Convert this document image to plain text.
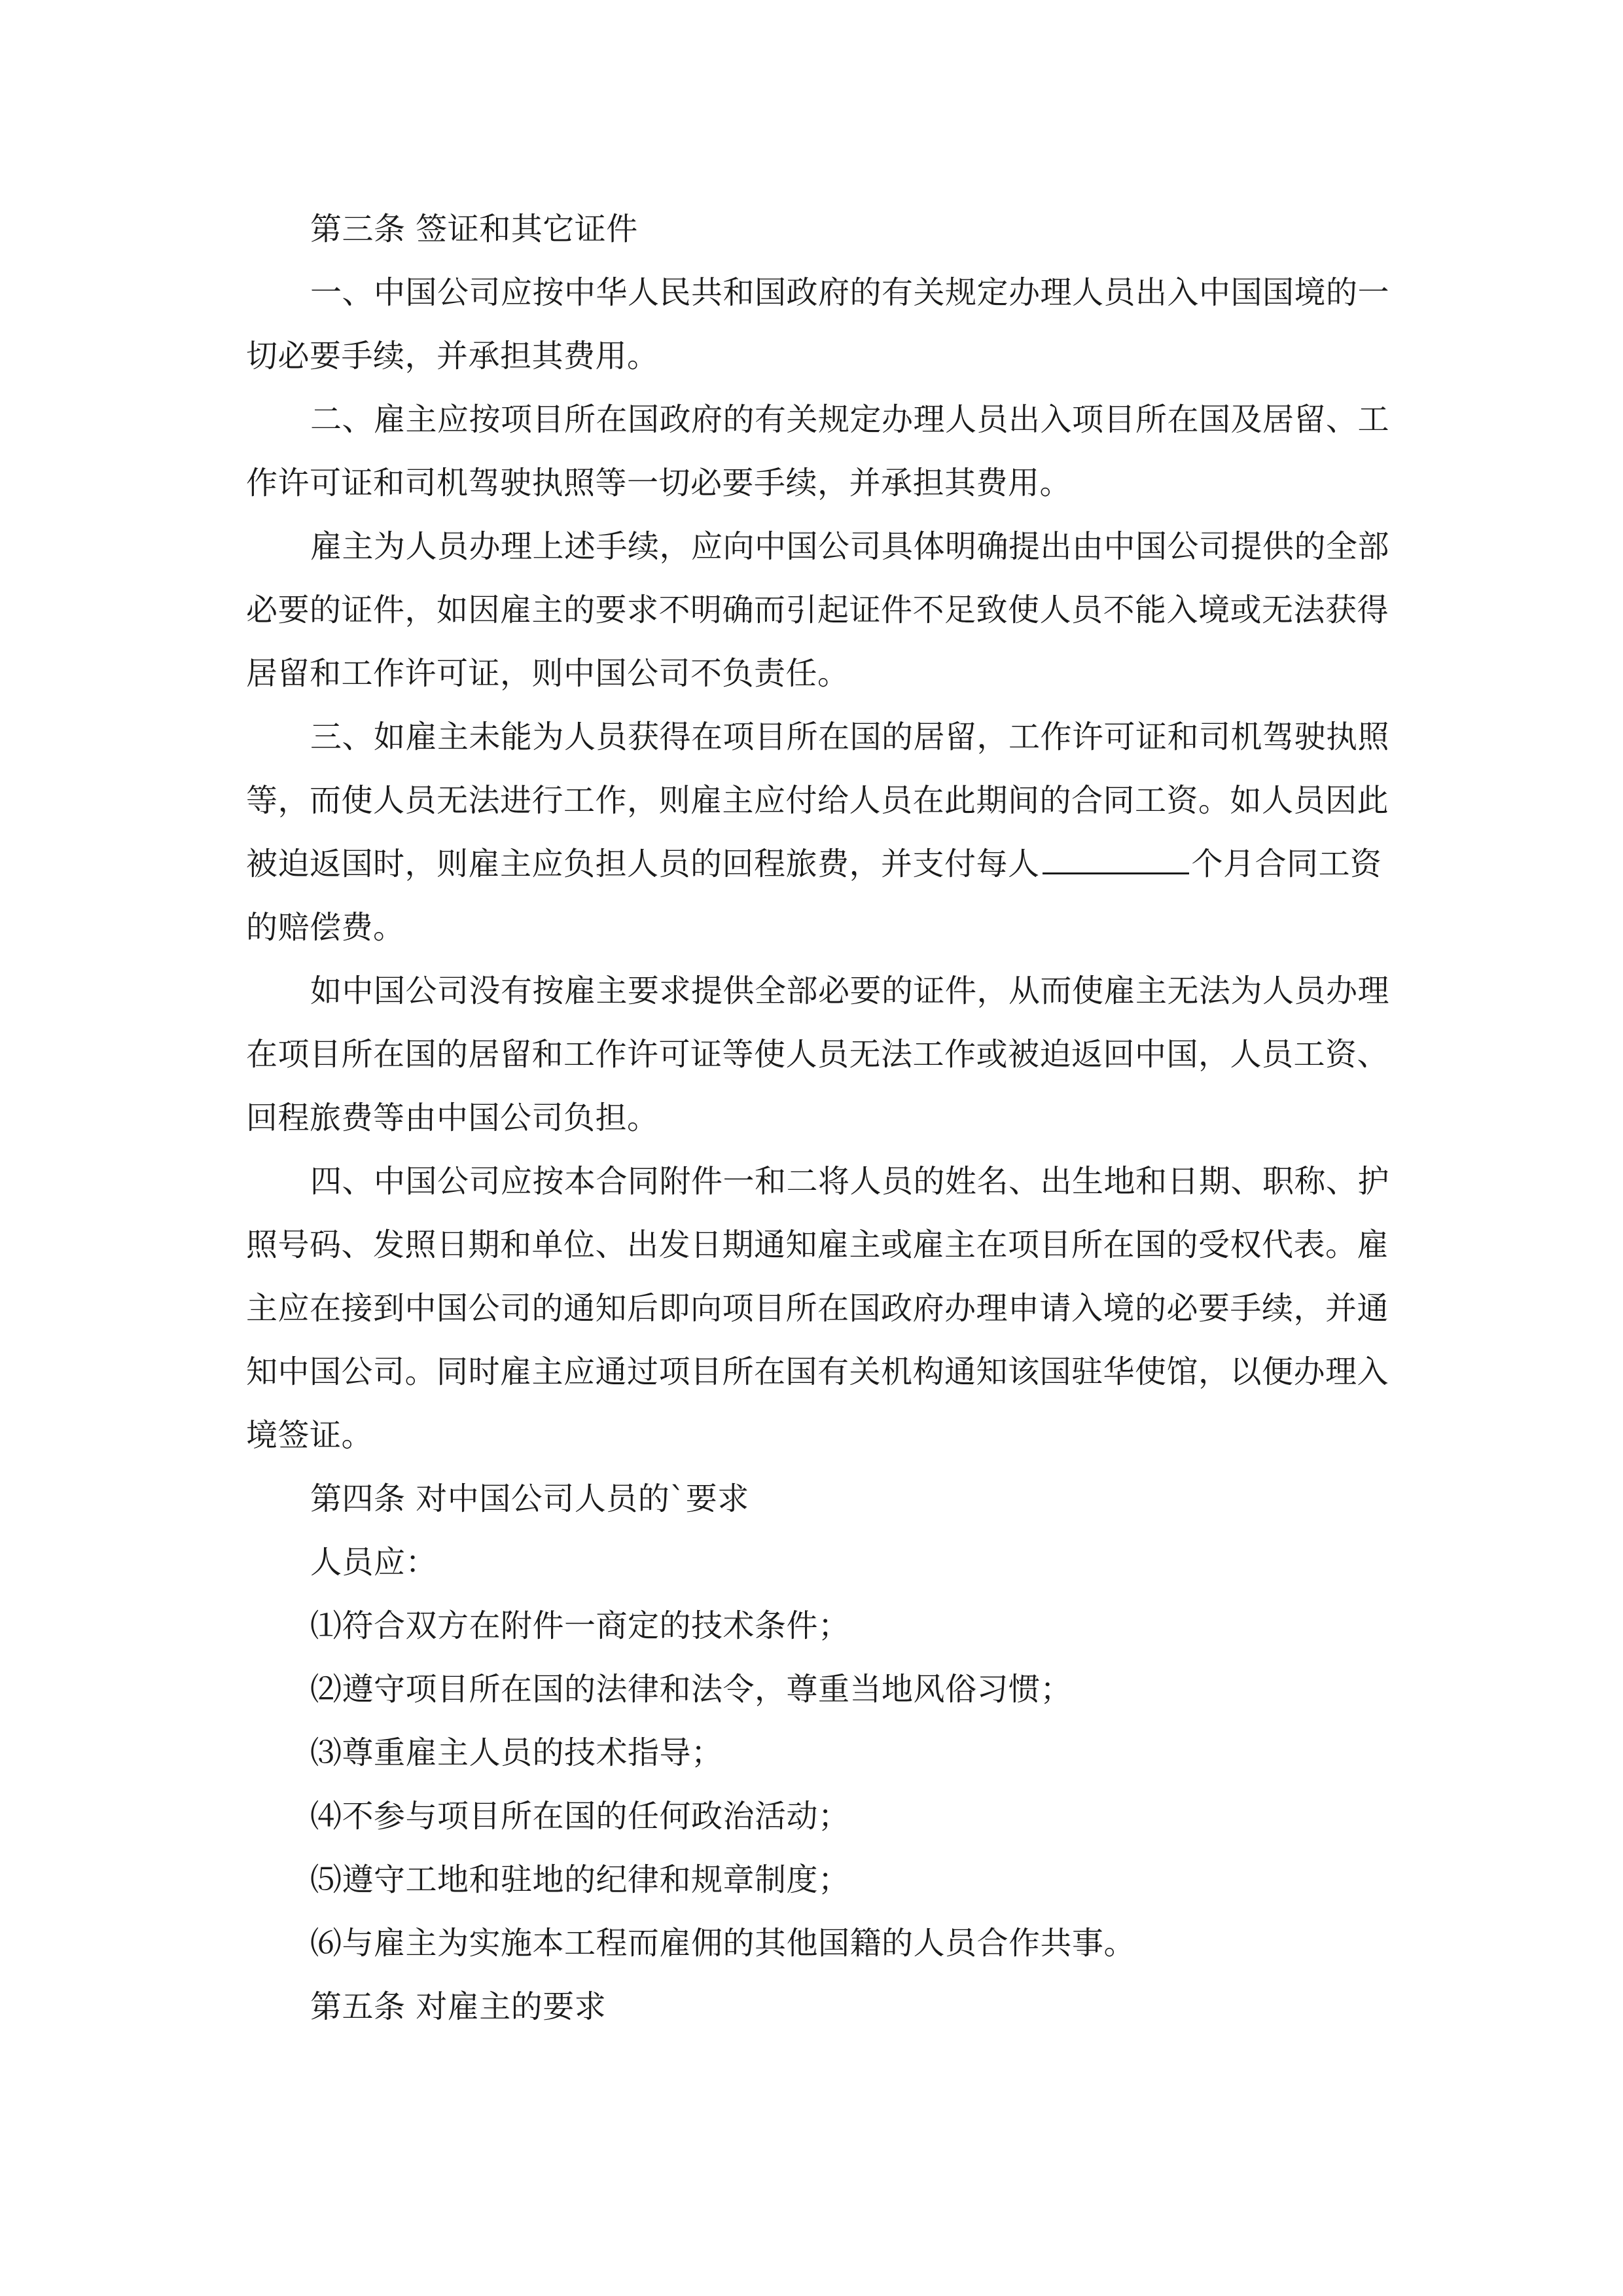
第三条 签证和其它证件

一、中国公司应按中华人民共和国政府的有关规定办理人员出入中国国境的一切必要手续，并承担其费用。

二、雇主应按项目所在国政府的有关规定办理人员出入项目所在国及居留、工作许可证和司机驾驶执照等一切必要手续，并承担其费用。

雇主为人员办理上述手续，应向中国公司具体明确提出由中国公司提供的全部必要的证件，如因雇主的要求不明确而引起证件不足致使人员不能入境或无法获得居留和工作许可证，则中国公司不负责任。

三、如雇主未能为人员获得在项目所在国的居留，工作许可证和司机驾驶执照等，而使人员无法进行工作，则雇主应付给人员在此期间的合同工资。如人员因此被迫返国时，则雇主应负担人员的回程旅费，并支付每人	个月合同工资的赔偿费。

如中国公司没有按雇主要求提供全部必要的证件，从而使雇主无法为人员办理在项目所在国的居留和工作许可证等使人员无法工作或被迫返回中国，人员工资、回程旅费等由中国公司负担。

四、中国公司应按本合同附件一和二将人员的姓名、出生地和日期、职称、护照号码、发照日期和单位、出发日期通知雇主或雇主在项目所在国的受权代表。雇主应在接到中国公司的通知后即向项目所在国政府办理申请入境的必要手续，并通知中国公司。同时雇主应通过项目所在国有关机构通知该国驻华使馆，以便办理入境签证。

第四条 对中国公司人员的`要求

人员应：

⑴符合双方在附件一商定的技术条件；

⑵遵守项目所在国的法律和法令，尊重当地风俗习惯；

⑶尊重雇主人员的技术指导；

⑷不参与项目所在国的任何政治活动；

⑸遵守工地和驻地的纪律和规章制度；

⑹与雇主为实施本工程而雇佣的其他国籍的人员合作共事。

第五条 对雇主的要求
